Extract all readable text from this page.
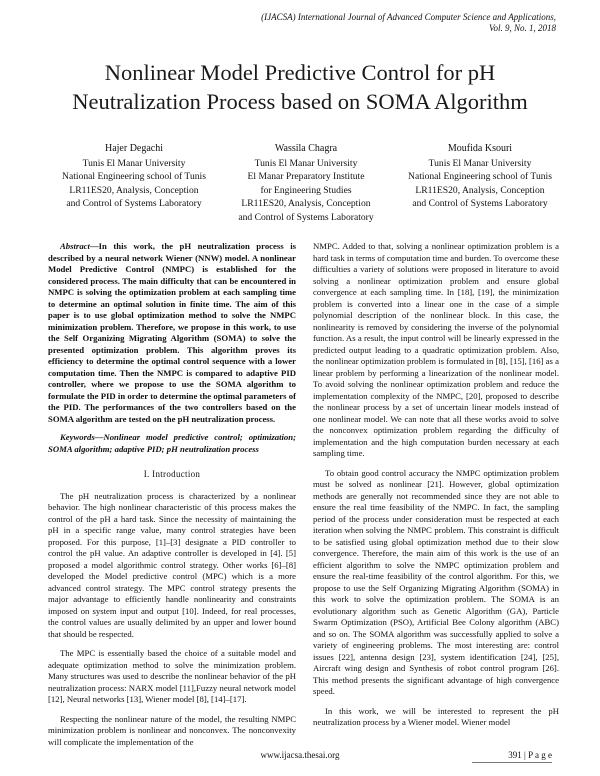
(IJACSA) International Journal of Advanced Computer Science and Applications,
Vol. 9, No. 1, 2018
Nonlinear Model Predictive Control for pH
Neutralization Process based on SOMA Algorithm
Hajer Degachi
Tunis El Manar University
National Engineering school of Tunis
LR11ES20, Analysis, Conception
and Control of Systems Laboratory
Wassila Chagra
Tunis El Manar University
El Manar Preparatory Institute
for Engineering Studies
LR11ES20, Analysis, Conception
and Control of Systems Laboratory
Moufida Ksouri
Tunis El Manar University
National Engineering school of Tunis
LR11ES20, Analysis, Conception
and Control of Systems Laboratory

Abstract—In this work, the pH neutralization process is described by a neural network Wiener (NNW) model. A nonlinear Model Predictive Control (NMPC) is established for the considered process. The main difficulty that can be encountered in NMPC is solving the optimization problem at each sampling time to determine an optimal solution in finite time. The aim of this paper is to use global optimization method to solve the NMPC minimization problem. Therefore, we propose in this work, to use the Self Organizing Migrating Algorithm (SOMA) to solve the presented optimization problem. This algorithm proves its efficiency to determine the optimal control sequence with a lower computation time. Then the NMPC is compared to adaptive PID controller, where we propose to use the SOMA algorithm to formulate the PID in order to determine the optimal parameters of the PID. The performances of the two controllers based on the SOMA algorithm are tested on the pH neutralization process.

Keywords—Nonlinear model predictive control; optimization; SOMA algorithm; adaptive PID; pH neutralization process

I. Introduction

The pH neutralization process is characterized by a nonlinear behavior. The high nonlinear characteristic of this process makes the control of the pH a hard task. Since the necessity of maintaining the pH in a specific range value, many control strategies have been proposed. For this purpose, [1]–[3] designate a PID controller to control the pH value. An adaptive controller is developed in [4]. [5] proposed a model algorithmic control strategy. Other works [6]–[8] developed the Model predictive control (MPC) which is a more advanced control strategy. The MPC control strategy presents the major advantage to efficiently handle nonlinearity and constraints imposed on system input and output [10]. Indeed, for real processes, the control values are usually delimited by an upper and lower bound that should be respected.

The MPC is essentially based the choice of a suitable model and adequate optimization method to solve the minimization problem. Many structures was used to describe the nonlinear behavior of the pH neutralization process: NARX model [11],Fuzzy neural network model [12], Neural networks [13], Wiener model [8], [14]–[17].

Respecting the nonlinear nature of the model, the resulting NMPC minimization problem is nonlinear and nonconvex. The nonconvexity will complicate the implementation of the

NMPC. Added to that, solving a nonlinear optimization problem is a hard task in terms of computation time and burden. To overcome these difficulties a variety of solutions were proposed in literature to avoid solving a nonlinear optimization problem and ensure global convergence at each sampling time. In [18], [19], the minimization problem is converted into a linear one in the case of a simple polynomial description of the nonlinear block. In this case, the nonlinearity is removed by considering the inverse of the polynomial function. As a result, the input control will be linearly expressed in the predicted output leading to a quadratic optimization problem. Also, the nonlinear optimization problem is formulated in [8], [15], [16] as a linear problem by performing a linearization of the nonlinear model. To avoid solving the nonlinear optimization problem and reduce the implementation complexity of the NMPC, [20], proposed to describe the nonlinear process by a set of uncertain linear models instead of one nonlinear model. We can note that all these works avoid to solve the nonconvex optimization problem regarding the difficulty of implementation and the high computation burden necessary at each sampling time.

To obtain good control accuracy the NMPC optimization problem must be solved as nonlinear [21]. However, global optimization methods are generally not recommended since they are not able to ensure the real time feasibility of the NMPC. In fact, the sampling period of the process under consideration must be respected at each iteration when solving the NMPC problem. This constraint is difficult to be satisfied using global optimization method due to their slow convergence. Therefore, the main aim of this work is the use of an efficient algorithm to solve the NMPC optimization problem and ensure the real-time feasibility of the control algorithm. For this, we propose to use the Self Organizing Migrating Algorithm (SOMA) in this work to solve the optimization problem. The SOMA is an evolutionary algorithm such as Genetic Algorithm (GA), Particle Swarm Optimization (PSO), Artificial Bee Colony algorithm (ABC) and so on. The SOMA algorithm was successfully applied to solve a variety of engineering problems. The most interesting are: control issues [22], antenna design [23], system identification [24], [25], Aircraft wing design and Synthesis of robot control program [26]. This method presents the significant advantage of high convergence speed.

In this work, we will be interested to represent the pH neutralization process by a Wiener model. Wiener model

www.ijacsa.thesai.org	391 | P a g e
